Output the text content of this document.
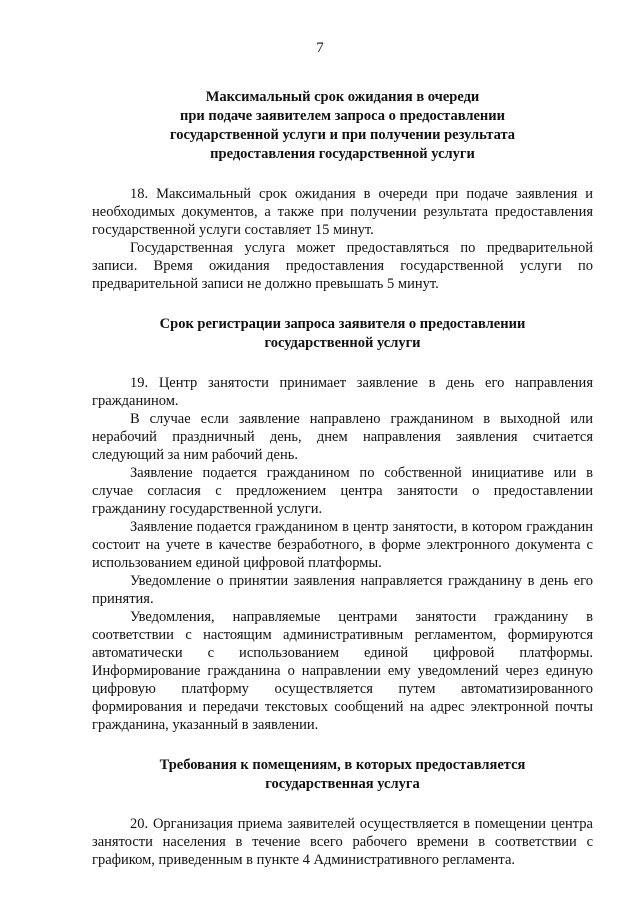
7
Максимальный срок ожидания в очереди
при подаче заявителем запроса о предоставлении
государственной услуги и при получении результата
предоставления государственной услуги

18. Максимальный срок ожидания в очереди при подаче заявления и необходимых документов, а также при получении результата предоставления государственной услуги составляет 15 минут.

Государственная услуга может предоставляться по предварительной записи. Время ожидания предоставления государственной услуги по предварительной записи не должно превышать 5 минут.

Срок регистрации запроса заявителя о предоставлении
государственной услуги

19. Центр занятости принимает заявление в день его направления гражданином.

В случае если заявление направлено гражданином в выходной или нерабочий праздничный день, днем направления заявления считается следующий за ним рабочий день.

Заявление подается гражданином по собственной инициативе или в случае согласия с предложением центра занятости о предоставлении гражданину государственной услуги.

Заявление подается гражданином в центр занятости, в котором гражданин состоит на учете в качестве безработного, в форме электронного документа с использованием единой цифровой платформы.

Уведомление о принятии заявления направляется гражданину в день его принятия.

Уведомления, направляемые центрами занятости гражданину в соответствии с настоящим административным регламентом, формируются автоматически с использованием единой цифровой платформы. Информирование гражданина о направлении ему уведомлений через единую цифровую платформу осуществляется путем автоматизированного формирования и передачи текстовых сообщений на адрес электронной почты гражданина, указанный в заявлении.

Требования к помещениям, в которых предоставляется
государственная услуга

20. Организация приема заявителей осуществляется в помещении центра занятости населения в течение всего рабочего времени в соответствии с графиком, приведенным в пункте 4 Административного регламента.
